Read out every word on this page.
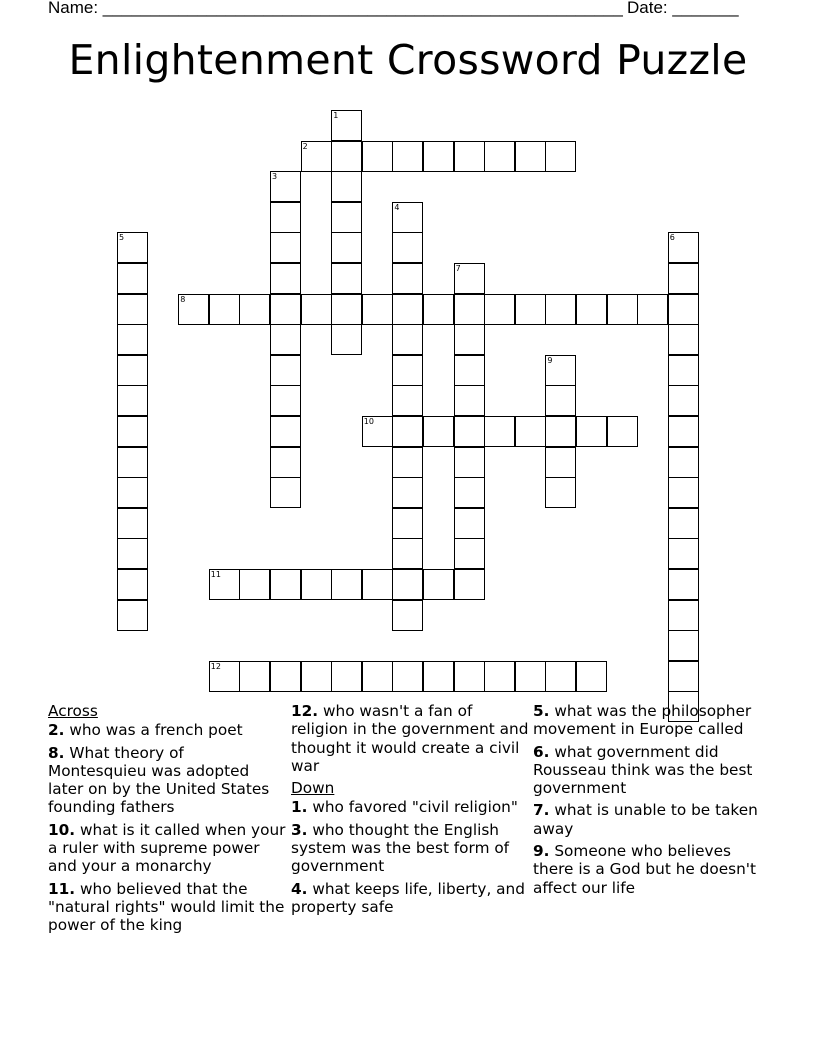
Name: _______________________________________________________ Date: _______
Enlightenment Crossword Puzzle
1
2
3
4
5	6
7
8
9
10
11
12
Across
2. who was a french poet
8. What theory of Montesquieu was adopted later on by the United States founding fathers
10. what is it called when your a ruler with supreme power and your a monarchy
11. who believed that the "natural rights" would limit the power of the king
12. who wasn't a fan of religion in the government and thought it would create a civil war
Down
1. who favored "civil religion"
3. who thought the English system was the best form of government
4. what keeps life, liberty, and property safe
5. what was the philosopher movement in Europe called
6. what government did Rousseau think was the best government
7. what is unable to be taken away
9. Someone who believes there is a God but he doesn't affect our life
